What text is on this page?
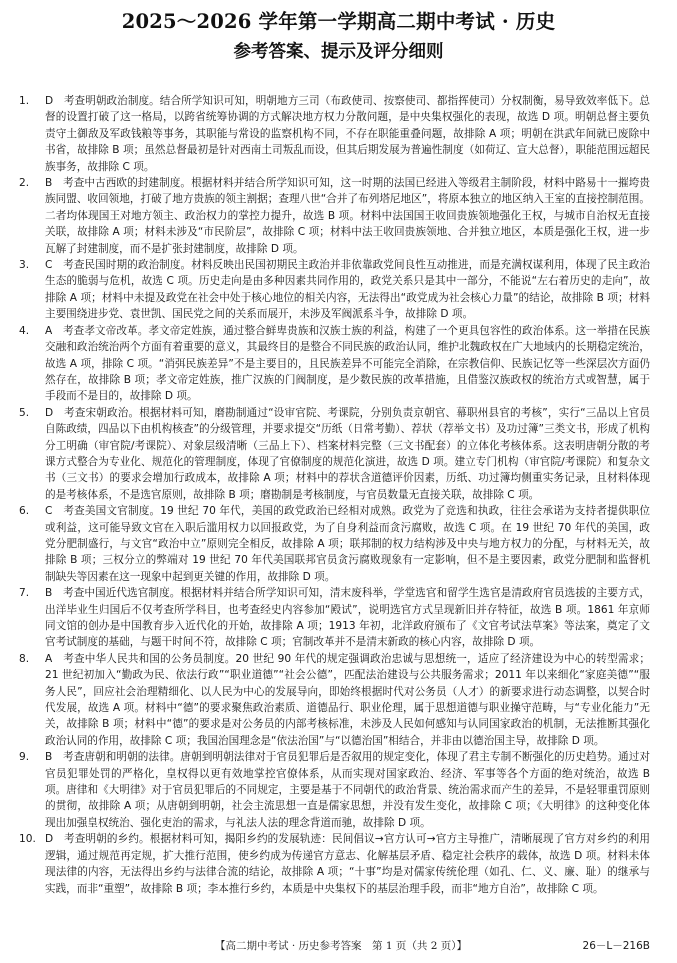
2025～2026 学年第一学期高二期中考试 · 历史
参考答案、提示及评分细则

1. D　考查明朝政治制度。结合所学知识可知，明朝地方三司（布政使司、按察使司、都指挥使司）分权制衡，易导致效率低下。总督的设置打破了这一格局，以跨省统筹协调的方式解决地方权力分散问题，是中央集权强化的表现，故选 D 项。明朝总督主要负责守土御敌及军政钱粮等事务，其职能与常设的监察机构不同，不存在职能重叠问题，故排除 A 项；明朝在洪武年间就已废除中书省，故排除 B 项；虽然总督最初是针对西南土司叛乱而设，但其后期发展为普遍性制度（如荷辽、宣大总督），职能范围远超民族事务，故排除 C 项。

2. B　考查中古西欧的封建制度。根据材料并结合所学知识可知，这一时期的法国已经进入等级君主制阶段，材料中路易十一摧垮贵族同盟、收回领地，打破了地方贵族的领主割据；查理八世“合并了布列塔尼地区”，将原本独立的地区纳入王室的直接控制范围。二者均体现国王对地方领主、政治权力的掌控力提升，故选 B 项。材料中法国国王收回贵族领地强化王权，与城市自治权无直接关联，故排除 A 项；材料未涉及“市民阶层”，故排除 C 项；材料中法王收回贵族领地、合并独立地区，本质是强化王权，进一步瓦解了封建制度，而不是扩张封建制度，故排除 D 项。

3. C　考查民国时期的政治制度。材料反映出民国初期民主政治并非依靠政党间良性互动推进，而是充满权谋利用，体现了民主政治生态的脆弱与危机，故选 C 项。历史走向是由多种因素共同作用的，政党关系只是其中一部分，不能说“左右着历史的走向”，故排除 A 项；材料中未提及政党在社会中处于核心地位的相关内容，无法得出“政党成为社会核心力量”的结论，故排除 B 项；材料主要围绕进步党、袁世凯、国民党之间的关系而展开，未涉及军阀派系斗争，故排除 D 项。

4. A　考查孝文帝改革。孝文帝定姓族，通过整合鲜卑贵族和汉族士族的利益，构建了一个更具包容性的政治体系。这一举措在民族交融和政治统治两个方面有着重要的意义，其最终目的是整合不同民族的政治认同，维护北魏政权在广大地域内的长期稳定统治，故选 A 项，排除 C 项。“消弭民族差异”不是主要目的，且民族差异不可能完全消除，在宗教信仰、民族记忆等一些深层次方面仍然存在，故排除 B 项；孝文帝定姓族，推广汉族的门阀制度，是少数民族的改革措施，且借鉴汉族政权的统治方式或智慧，属于手段而不是目的，故排除 D 项。

5. D　考查宋朝政治。根据材料可知，磨勘制通过“设审官院、考课院，分别负责京朝官、幕职州县官的考核”，实行“三品以上官员自陈政绩，四品以下由机构核查”的分级管理，并要求提交“历纸（日常考勤）、荐状（荐举文书）及功过簿”三类文书，形成了机构分工明确（审官院/考课院）、对象层级清晰（三品上下）、档案材料完整（三文书配套）的立体化考核体系。这表明唐朝分散的考课方式整合为专业化、规范化的管理制度，体现了官僚制度的规范化演进，故选 D 项。建立专门机构（审官院/考课院）和复杂文书（三文书）的要求会增加行政成本，故排除 A 项；材料中的荐状含道德评价因素，历纸、功过簿均侧重实务记录，且材料体现的是考核体系，不是选官原则，故排除 B 项；磨勘制是考核制度，与官员数量无直接关联，故排除 C 项。

6. C　考查美国文官制度。19 世纪 70 年代，美国的政党政治已经相对成熟。政党为了竞选和执政，往往会承诺为支持者提供职位或利益，这可能导致文官在入职后滥用权力以回报政党，为了自身利益而贪污腐败，故选 C 项。在 19 世纪 70 年代的美国，政党分肥制盛行，与文官“政治中立”原则完全相反，故排除 A 项；联邦制的权力结构涉及中央与地方权力的分配，与材料无关，故排除 B 项；三权分立的弊端对 19 世纪 70 年代美国联邦官员贪污腐败现象有一定影响，但不是主要因素，政党分肥制和监督机制缺失等因素在这一现象中起到更关键的作用，故排除 D 项。

7. B　考查中国近代选官制度。根据材料并结合所学知识可知，清末废科举，学堂选官和留学生选官是清政府官员选拔的主要方式，出洋毕业生归国后不仅考查所学科目，也考查经史内容参加“殿试”，说明选官方式呈现新旧并存特征，故选 B 项。1861 年京师同文馆的创办是中国教育步入近代化的开始，故排除 A 项；1913 年初，北洋政府颁布了《文官考试法草案》等法案，奠定了文官考试制度的基础，与题干时间不符，故排除 C 项；官制改革并不是清末新政的核心内容，故排除 D 项。

8. A　考查中华人民共和国的公务员制度。20 世纪 90 年代的规定强调政治忠诚与思想统一，适应了经济建设为中心的转型需求；21 世纪初加入“勤政为民、依法行政”“职业道德”“社会公德”，匹配法治建设与公共服务需求；2011 年以来细化“家庭美德”“服务人民”，回应社会治理精细化、以人民为中心的发展导向，即始终根据时代对公务员（人才）的新要求进行动态调整，以契合时代发展，故选 A 项。材料中“德”的要求聚焦政治素质、道德品行、职业伦理，属于思想道德与职业操守范畴，与“专业化能力”无关，故排除 B 项；材料中“德”的要求是对公务员的内部考核标准，未涉及人民如何感知与认同国家政治的机制，无法推断其强化政治认同的作用，故排除 C 项；我国治国理念是“依法治国”与“以德治国”相结合，并非由以德治国主导，故排除 D 项。

9. B　考查唐朝和明朝的法律。唐朝到明朝法律对于官员犯罪后是否叙用的规定变化，体现了君主专制不断强化的历史趋势。通过对官员犯罪处罚的严格化，皇权得以更有效地掌控官僚体系，从而实现对国家政治、经济、军事等各个方面的绝对统治，故选 B 项。唐律和《大明律》对于官员犯罪后的不同规定，主要是基于不同朝代的政治背景、统治需求而产生的差异，不是轻罪重罚原则的贯彻，故排除 A 项；从唐朝到明朝，社会主流思想一直是儒家思想，并没有发生变化，故排除 C 项；《大明律》的这种变化体现出加强皇权统治、强化吏治的需求，与礼法人法的理念背道而驰，故排除 D 项。

10. D　考查明朝的乡约。根据材料可知，揭阳乡约的发展轨迹：民间倡议→官方认可→官方主导推广，清晰展现了官方对乡约的利用逻辑，通过规范再定规，扩大推行范围，使乡约成为传递官方意志、化解基层矛盾、稳定社会秩序的载体，故选 D 项。材料未体现法律的内容，无法得出乡约与法律合流的结论，故排除 A 项；“十事”均是对儒家传统伦理（如孔、仁、义、廉、耻）的继承与实践，而非“重塑”，故排除 B 项；李本推行乡约，本质是中央集权下的基层治理手段，而非“地方自治”，故排除 C 项。

【高二期中考试 · 历史参考答案　第 1 页（共 2 页）】	26－L－216B
